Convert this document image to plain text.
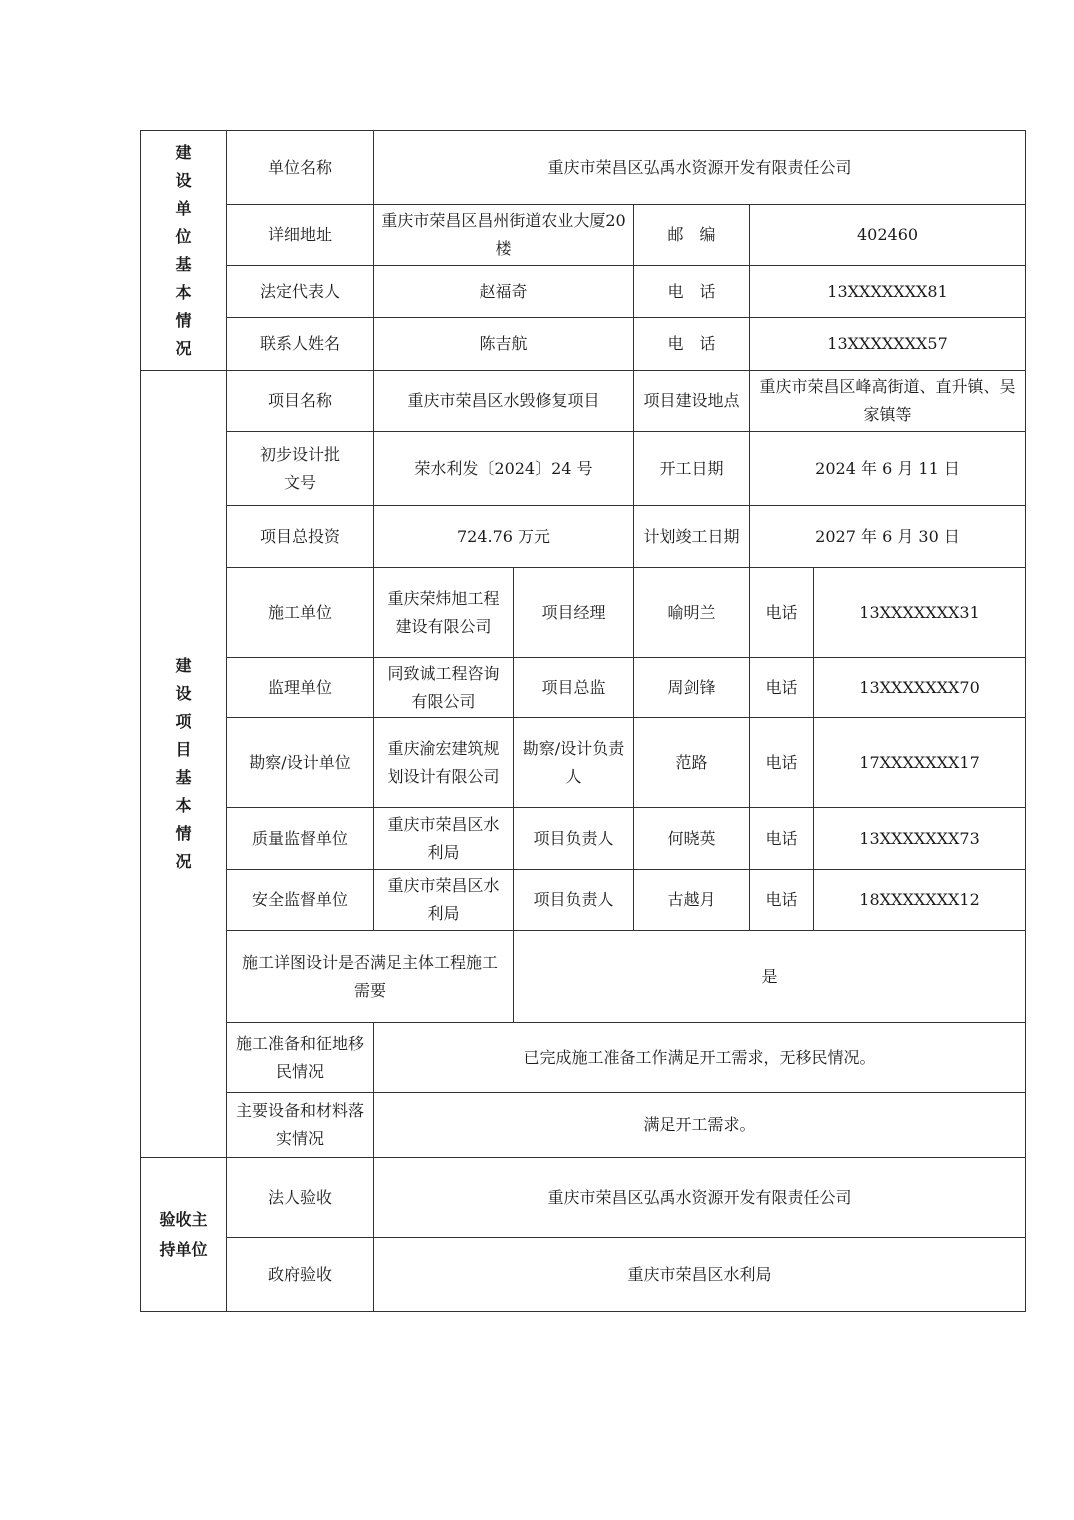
建设单位基本情况	单位名称	重庆市荣昌区弘禹水资源开发有限责任公司				
	详细地址	重庆市荣昌区昌州街道农业大厦20楼		邮　编	402460	
	法定代表人	赵福奇		电　话	13XXXXXXX81	
	联系人姓名	陈吉航		电　话	13XXXXXXX57	
建设项目基本情况	项目名称	重庆市荣昌区水毁修复项目		项目建设地点	重庆市荣昌区峰高街道、直升镇、吴家镇等	
	初步设计批文号	荣水利发〔2024〕24 号		开工日期	2024 年 6 月 11 日	
	项目总投资	724.76 万元		计划竣工日期	2027 年 6 月 30 日	
	施工单位	重庆荣炜旭工程建设有限公司	项目经理	喻明兰	电话	13XXXXXXX31
	监理单位	同致诚工程咨询有限公司	项目总监	周剑锋	电话	13XXXXXXX70
	勘察/设计单位	重庆渝宏建筑规划设计有限公司	勘察/设计负责人	范路	电话	17XXXXXXX17
	质量监督单位	重庆市荣昌区水利局	项目负责人	何晓英	电话	13XXXXXXX73
	安全监督单位	重庆市荣昌区水利局	项目负责人	古越月	电话	18XXXXXXX12
	施工详图设计是否满足主体工程施工需要		是			
	施工准备和征地移民情况	已完成施工准备工作满足开工需求，无移民情况。				
	主要设备和材料落实情况	满足开工需求。				
验收主持单位	法人验收	重庆市荣昌区弘禹水资源开发有限责任公司				
	政府验收	重庆市荣昌区水利局				
